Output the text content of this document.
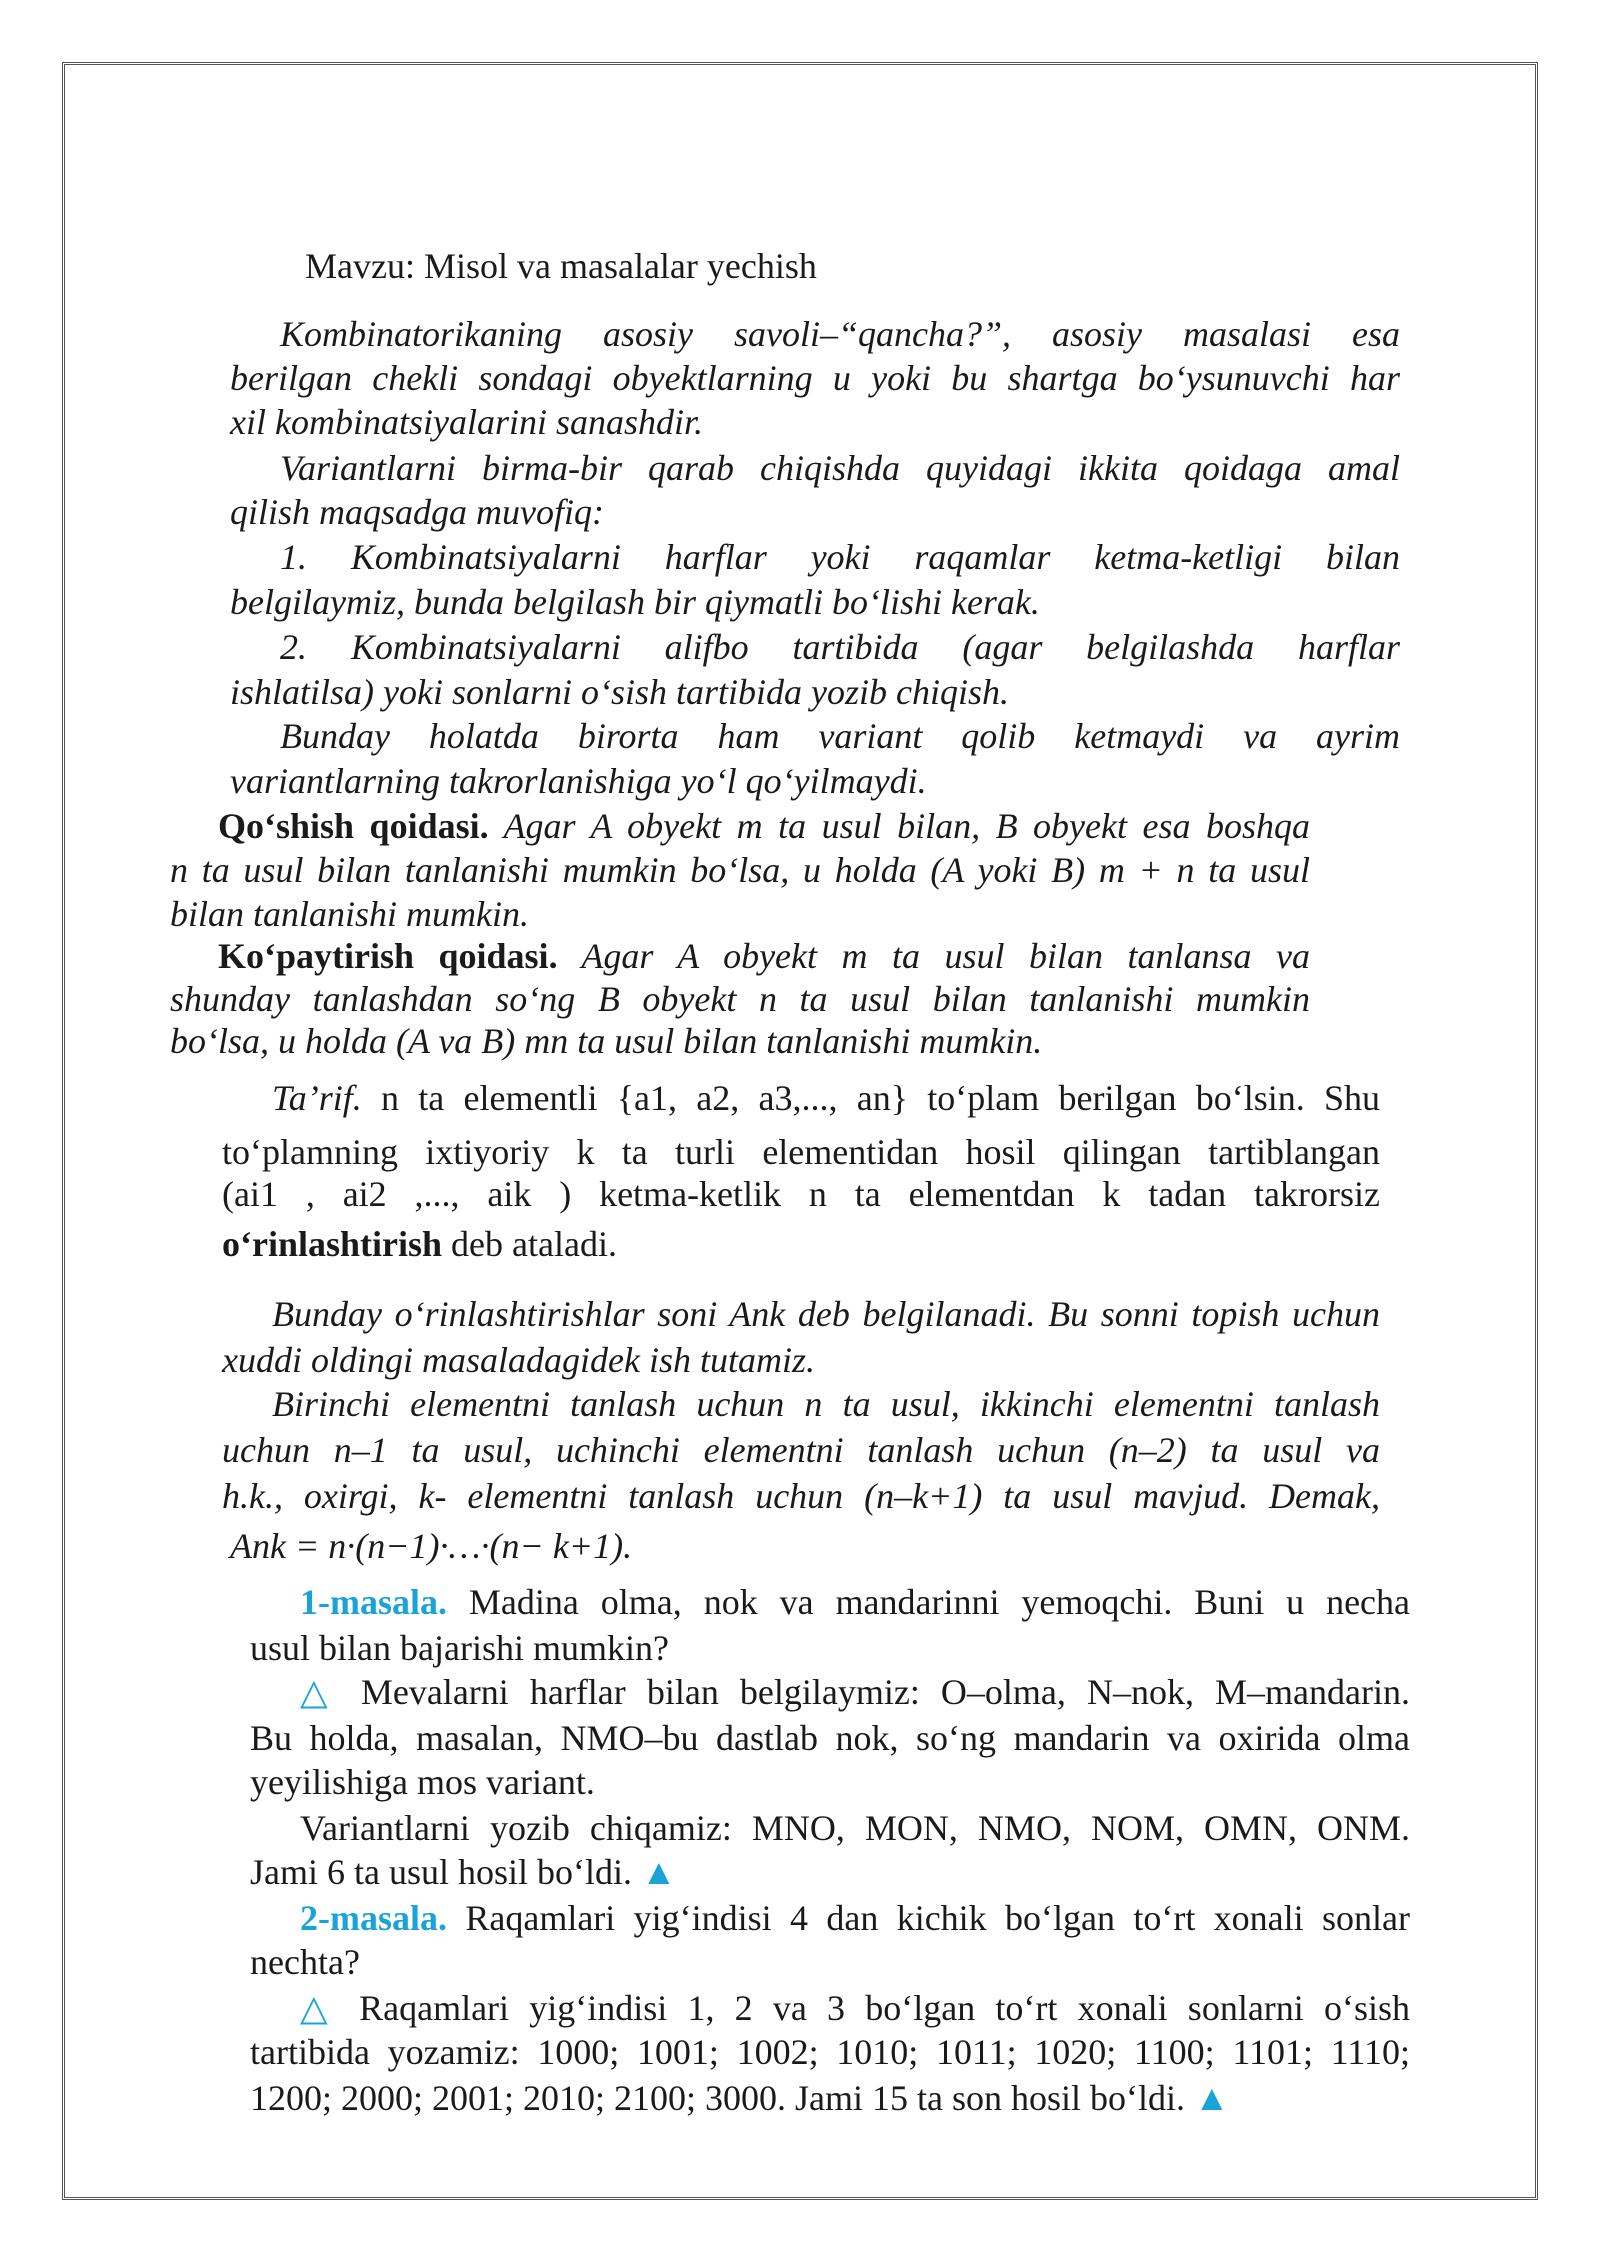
Mavzu: Misol va masalalar yechish
Kombinatorikaning asosiy savoli–“qancha?”, asosiy masalasi esa
berilgan chekli sondagi obyektlarning u yoki bu shartga bo‘ysunuvchi har
xil kombinatsiyalarini sanashdir.
Variantlarni birma-bir qarab chiqishda quyidagi ikkita qoidaga amal
qilish maqsadga muvofiq:
1. Kombinatsiyalarni harflar yoki raqamlar ketma-ketligi bilan
belgilaymiz, bunda belgilash bir qiymatli bo‘lishi kerak.
2. Kombinatsiyalarni alifbo tartibida (agar belgilashda harflar
ishlatilsa) yoki sonlarni o‘sish tartibida yozib chiqish.
Bunday holatda birorta ham variant qolib ketmaydi va ayrim
variantlarning takrorlanishiga yo‘l qo‘yilmaydi.
Qo‘shish qoidasi. Agar A obyekt m ta usul bilan, B obyekt esa boshqa
n ta usul bilan tanlanishi mumkin bo‘lsa, u holda (A yoki B) m + n ta usul
bilan tanlanishi mumkin.
Ko‘paytirish qoidasi. Agar A obyekt m ta usul bilan tanlansa va
shunday tanlashdan so‘ng B obyekt n ta usul bilan tanlanishi mumkin
bo‘lsa, u holda (A va B) mn ta usul bilan tanlanishi mumkin.
Ta’rif. n ta elementli {a1, a2, a3,..., an} to‘plam berilgan bo‘lsin. Shu
to‘plamning ixtiyoriy k ta turli elementidan hosil qilingan tartiblangan
(ai1 , ai2 ,..., aik ) ketma-ketlik n ta elementdan k tadan takrorsiz
o‘rinlashtirish deb ataladi.
Bunday o‘rinlashtirishlar soni Ank deb belgilanadi. Bu sonni topish uchun
xuddi oldingi masaladagidek ish tutamiz.
Birinchi elementni tanlash uchun n ta usul, ikkinchi elementni tanlash
uchun n–1 ta usul, uchinchi elementni tanlash uchun (n–2) ta usul va
h.k., oxirgi, k- elementni tanlash uchun (n–k+1) ta usul mavjud. Demak,
Ank = n·(n−1)·…·(n− k+1).
1-masala. Madina olma, nok va mandarinni yemoqchi. Buni u necha
usul bilan bajarishi mumkin?
△ Mevalarni harflar bilan belgilaymiz: O–olma, N–nok, M–mandarin.
Bu holda, masalan, NMO–bu dastlab nok, so‘ng mandarin va oxirida olma
yeyilishiga mos variant.
Variantlarni yozib chiqamiz: MNO, MON, NMO, NOM, OMN, ONM.
Jami 6 ta usul hosil bo‘ldi. ▲
2-masala. Raqamlari yig‘indisi 4 dan kichik bo‘lgan to‘rt xonali sonlar
nechta?
△ Raqamlari yig‘indisi 1, 2 va 3 bo‘lgan to‘rt xonali sonlarni o‘sish
tartibida yozamiz: 1000; 1001; 1002; 1010; 1011; 1020; 1100; 1101; 1110;
1200; 2000; 2001; 2010; 2100; 3000. Jami 15 ta son hosil bo‘ldi. ▲
